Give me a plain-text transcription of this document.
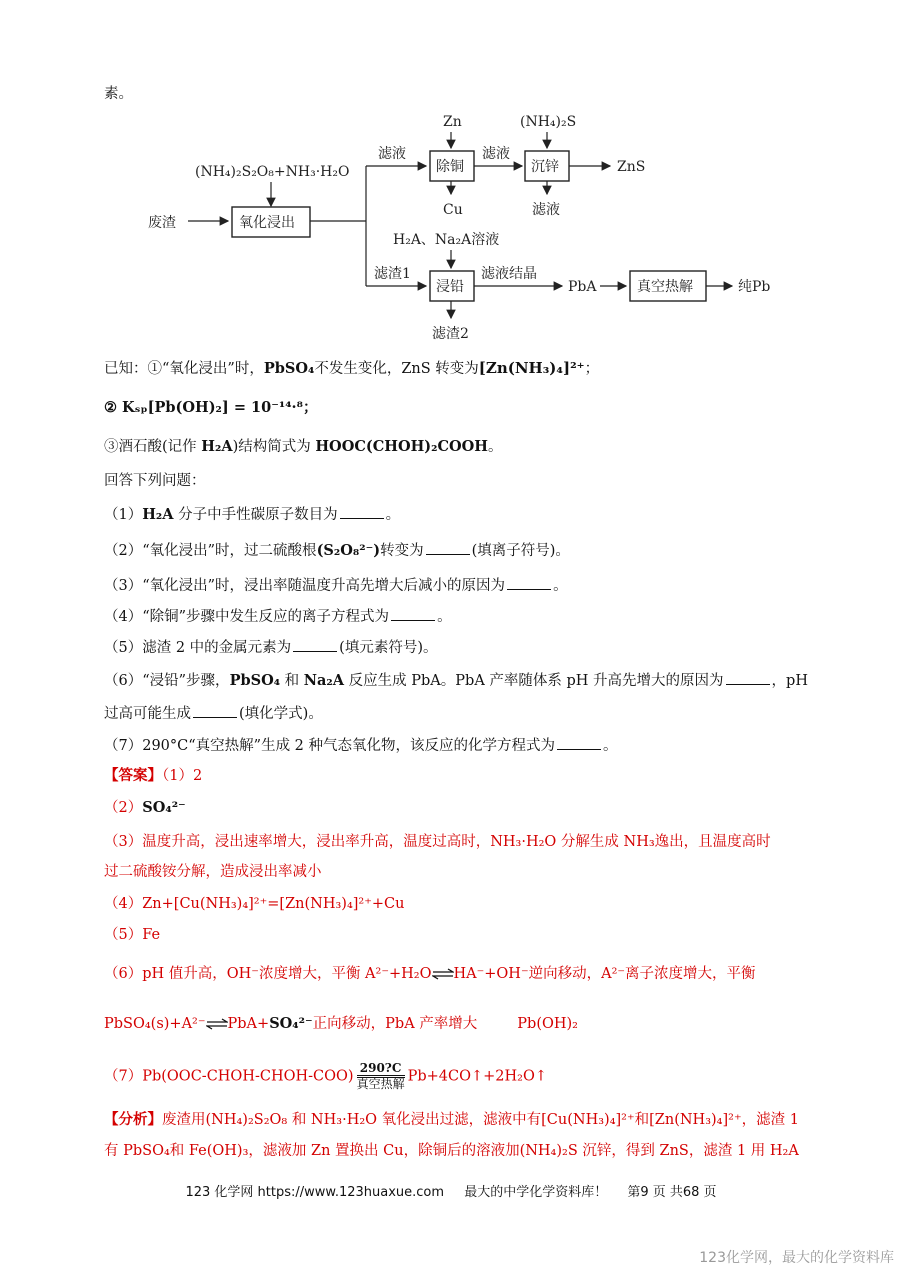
素。
(NH₄)₂S₂O₈+NH₃·H₂O
废渣	氧化浸出
滤液
Zn
除铜
Cu
滤液
(NH₄)₂S
沉锌
滤液
ZnS
H₂A、Na₂A溶液
滤渣1
浸铅
滤渣2
滤液结晶
PbA	真空热解	纯Pb
已知：①“氧化浸出”时，PbSO₄不发生变化，ZnS 转变为[Zn(NH₃)₄]²⁺；
② Kₛₚ[Pb(OH)₂] = 10⁻¹⁴·⁸；
③酒石酸(记作 H₂A)结构简式为 HOOC(CHOH)₂COOH。
回答下列问题：
（1）H₂A 分子中手性碳原子数目为	。
（2）“氧化浸出”时，过二硫酸根(S₂O₈²⁻)转变为	(填离子符号)。
（3）“氧化浸出”时，浸出率随温度升高先增大后减小的原因为	。
（4）“除铜”步骤中发生反应的离子方程式为	。
（5）滤渣 2 中的金属元素为	(填元素符号)。
（6）“浸铅”步骤，PbSO₄ 和 Na₂A 反应生成 PbA。PbA 产率随体系 pH 升高先增大的原因为	，pH
过高可能生成	(填化学式)。
（7）290°C“真空热解”生成 2 种气态氧化物，该反应的化学方程式为	。
【答案】（1）2
（2）SO₄²⁻
（3）温度升高，浸出速率增大，浸出率升高，温度过高时，NH₃·H₂O 分解生成 NH₃逸出，且温度高时
过二硫酸铵分解，造成浸出率减小
（4）Zn+[Cu(NH₃)₄]²⁺=[Zn(NH₃)₄]²⁺+Cu
（5）Fe
（6）pH 值升高，OH⁻浓度增大，平衡 A²⁻+H₂O⇌HA⁻+OH⁻逆向移动，A²⁻离子浓度增大，平衡
PbSO₄(s)+A²⁻⇌PbA+SO₄²⁻正向移动，PbA 产率增大	Pb(OH)₂
（7）Pb(OOC-CHOH-CHOH-COO)
290?C
真空热解 Pb+4CO↑+2H₂O↑
【分析】废渣用(NH₄)₂S₂O₈ 和 NH₃·H₂O 氧化浸出过滤，滤液中有[Cu(NH₃)₄]²⁺和[Zn(NH₃)₄]²⁺，滤渣 1
有 PbSO₄和 Fe(OH)₃，滤液加 Zn 置换出 Cu，除铜后的溶液加(NH₄)₂S 沉锌，得到 ZnS，滤渣 1 用 H₂A
123 化学网 https://www.123huaxue.com 最大的中学化学资料库！ 第9 页 共68 页
123化学网，最大的化学资料库
